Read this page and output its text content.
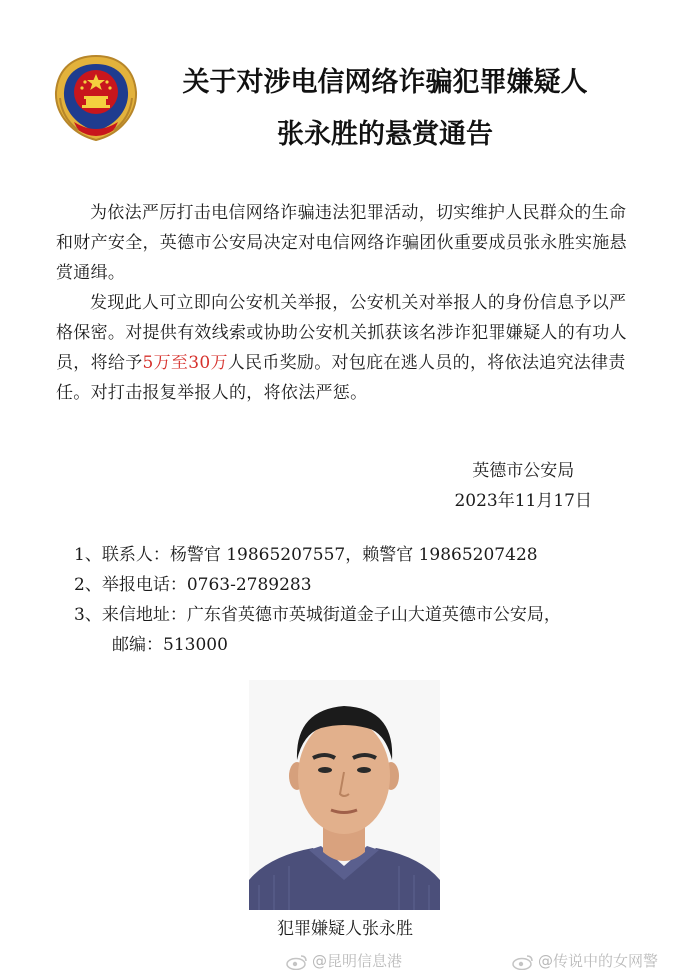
关于对涉电信网络诈骗犯罪嫌疑人
张永胜的悬赏通告

为依法严厉打击电信网络诈骗违法犯罪活动，切实维护人民群众的生命和财产安全，英德市公安局决定对电信网络诈骗团伙重要成员张永胜实施悬赏通缉。

发现此人可立即向公安机关举报，公安机关对举报人的身份信息予以严格保密。对提供有效线索或协助公安机关抓获该名涉诈犯罪嫌疑人的有功人员，将给予5万至30万人民币奖励。对包庇在逃人员的，将依法追究法律责任。对打击报复举报人的，将依法严惩。

英德市公安局
2023年11月17日
1、联系人：杨警官 19865207557，赖警官 19865207428
2、举报电话：0763-2789283
3、来信地址：广东省英德市英城街道金子山大道英德市公安局，
邮编：513000
犯罪嫌疑人张永胜
@昆明信息港	@传说中的女网警
